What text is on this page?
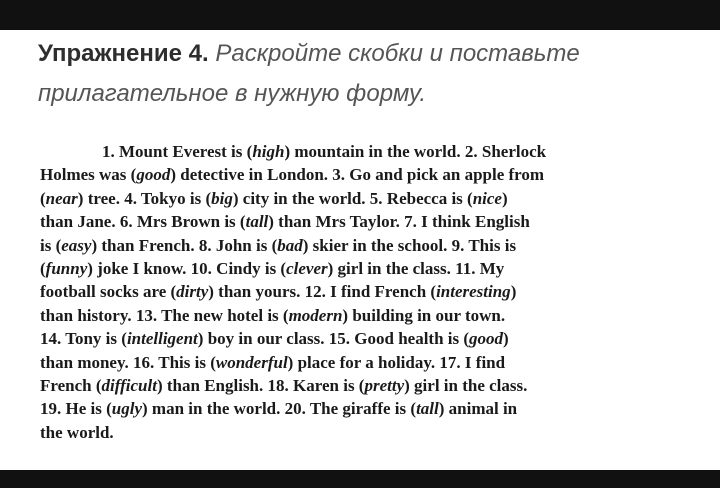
Упражнение 4. Раскройте скобки и поставьте
прилагательное в нужную форму.
1. Mount Everest is (high) mountain in the world. 2. Sherlock
Holmes was (good) detective in London. 3. Go and pick an apple from
(near) tree. 4. Tokyo is (big) city in the world. 5. Rebecca is (nice)
than Jane. 6. Mrs Brown is (tall) than Mrs Taylor. 7. I think English
is (easy) than French. 8. John is (bad) skier in the school. 9. This is
(funny) joke I know. 10. Cindy is (clever) girl in the class. 11. My
football socks are (dirty) than yours. 12. I find French (interesting)
than history. 13. The new hotel is (modern) building in our town.
14. Tony is (intelligent) boy in our class. 15. Good health is (good)
than money. 16. This is (wonderful) place for a holiday. 17. I find
French (difficult) than English. 18. Karen is (pretty) girl in the class.
19. He is (ugly) man in the world. 20. The giraffe is (tall) animal in
the world.
